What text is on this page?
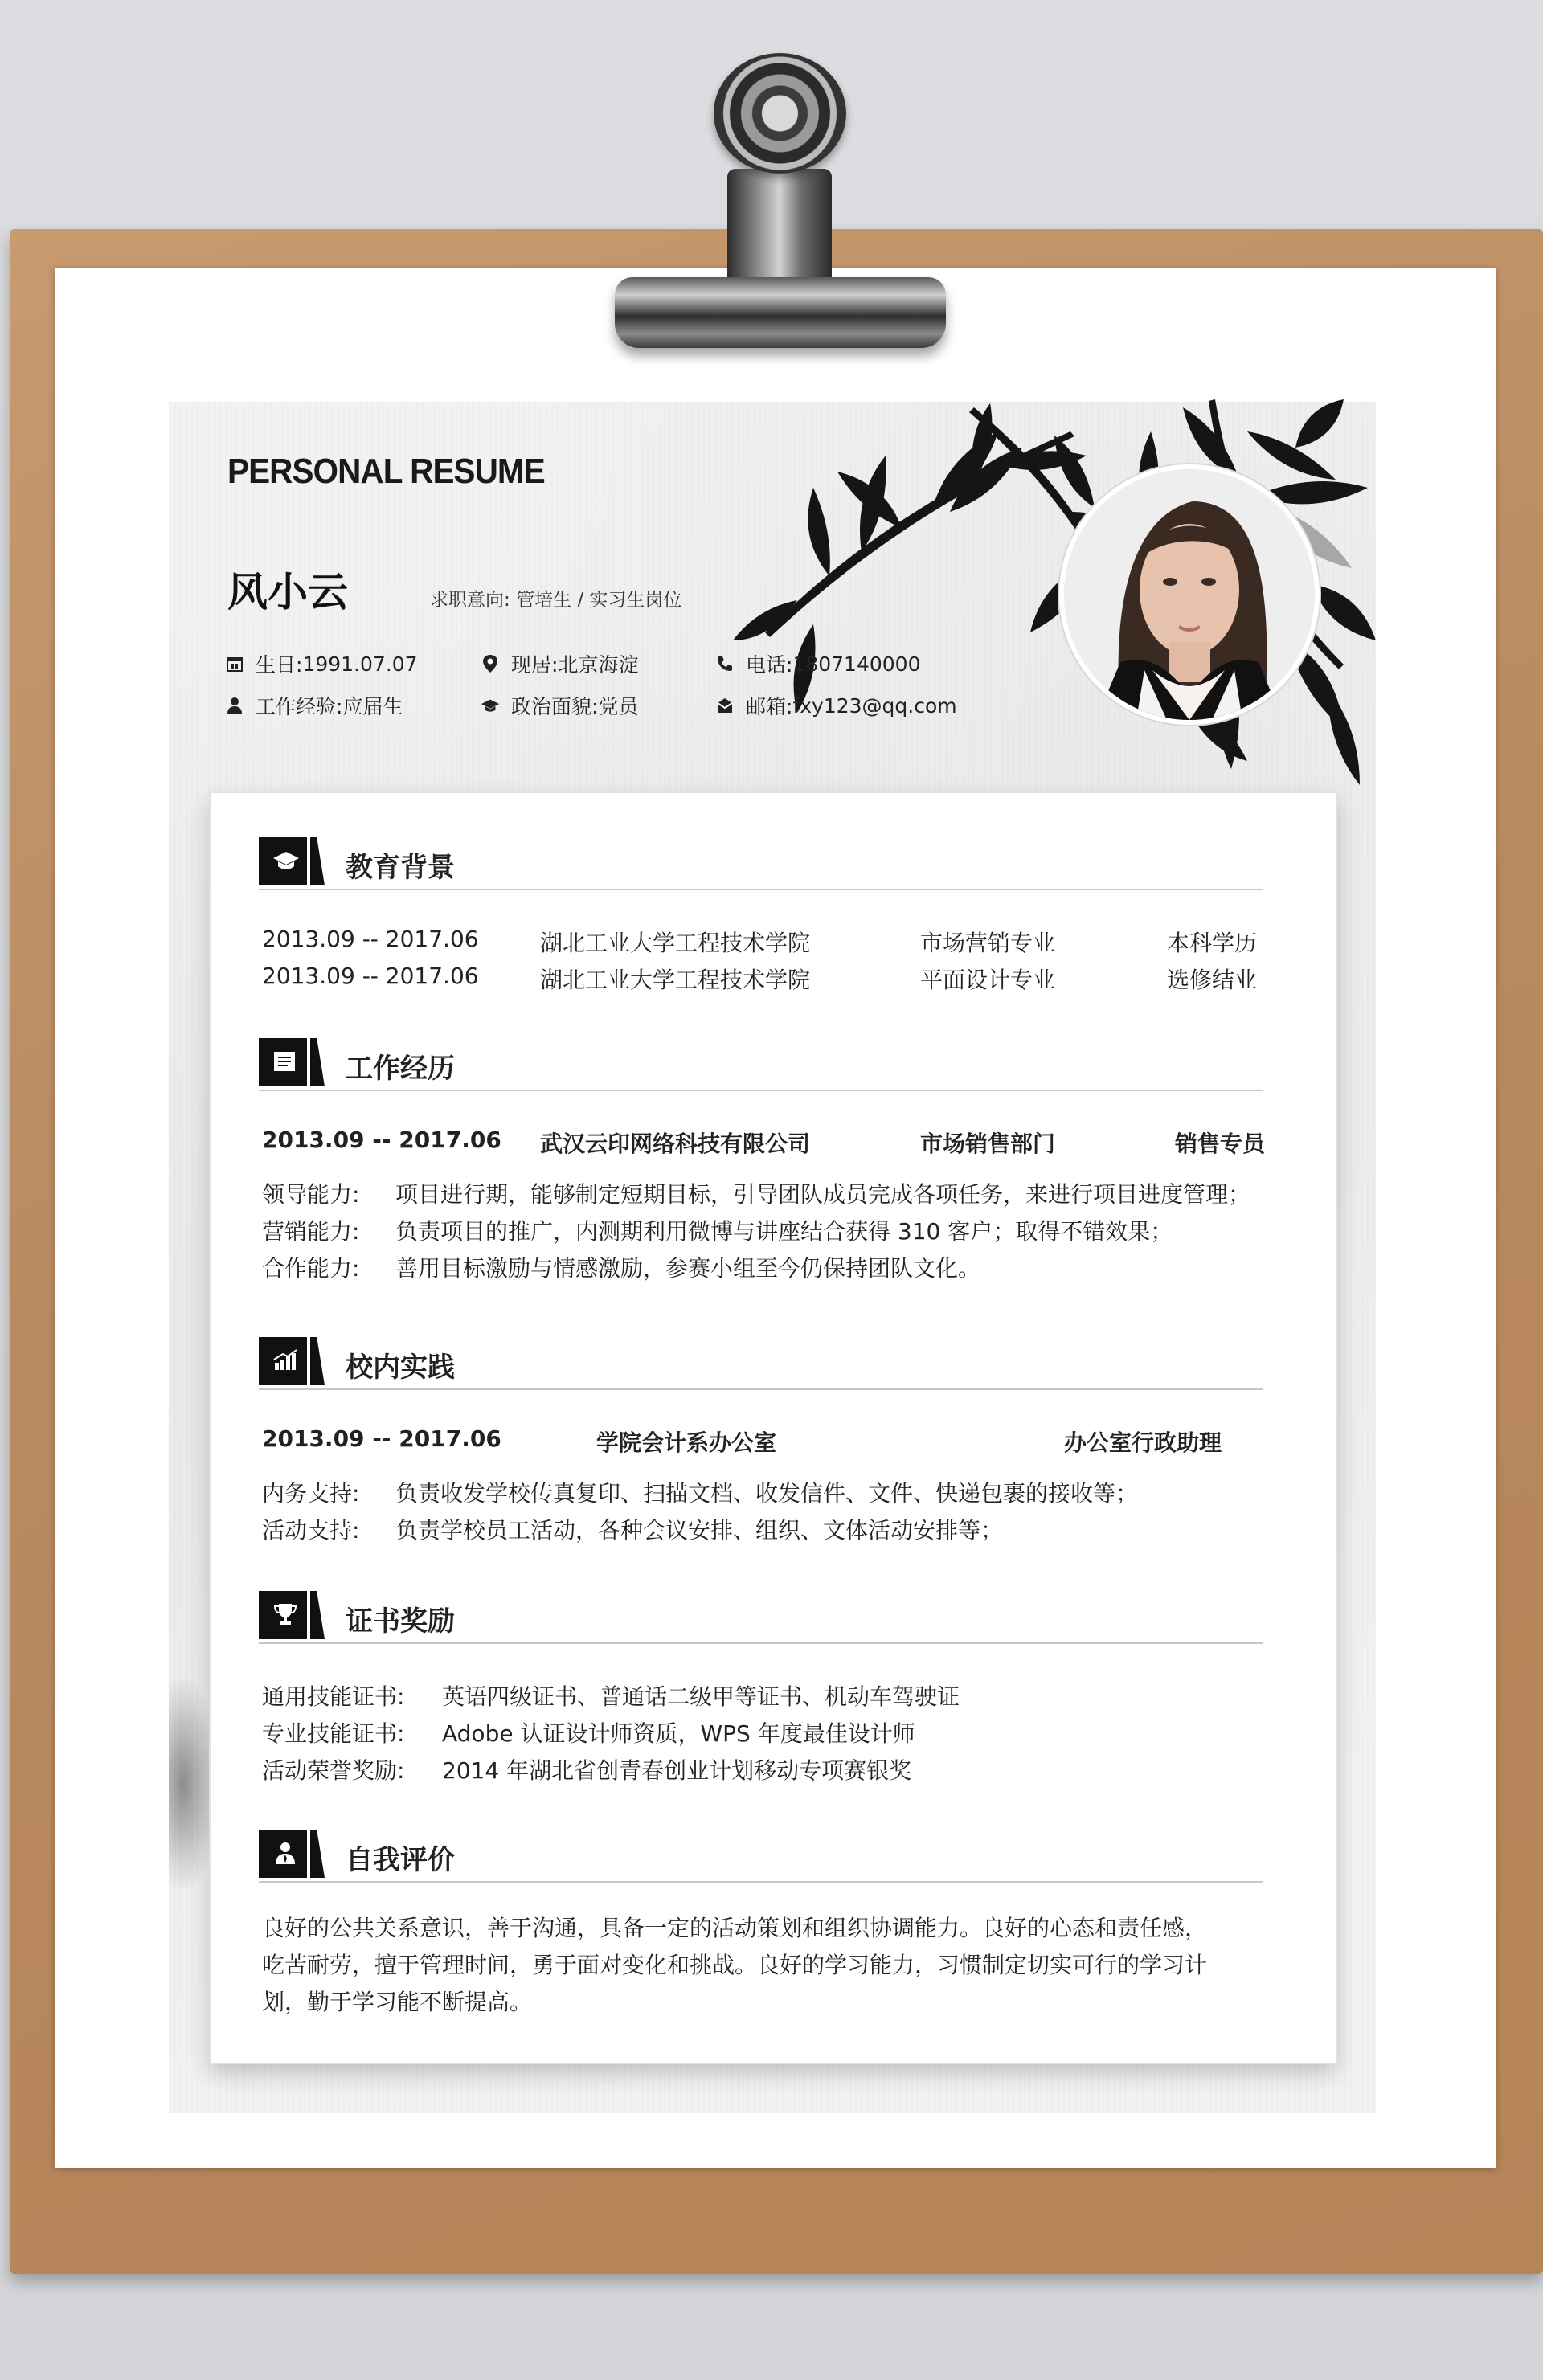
PERSONAL RESUME
风小云	求职意向: 管培生 / 实习生岗位
生日: 1991.07.07	现居: 北京海淀	电话: 1807140000
工作经验: 应届生	政治面貌: 党员	邮箱: fxy123@qq.com
教育背景
2013.09 -- 2017.06	湖北工业大学工程技术学院	市场营销专业	本科学历
2013.09 -- 2017.06	湖北工业大学工程技术学院	平面设计专业	选修结业
工作经历
2013.09 -- 2017.06 武汉云印网络科技有限公司	市场销售部门	销售专员
领导能力: 项目进行期，能够制定短期目标，引导团队成员完成各项任务，来进行项目进度管理；
营销能力: 负责项目的推广，内测期利用微博与讲座结合获得 310 客户；取得不错效果；
合作能力: 善用目标激励与情感激励，参赛小组至今仍保持团队文化。
校内实践
2013.09 -- 2017.06	学院会计系办公室	办公室行政助理
内务支持: 负责收发学校传真复印、扫描文档、收发信件、文件、快递包裹的接收等；
活动支持: 负责学校员工活动，各种会议安排、组织、文体活动安排等；
证书奖励
通用技能证书: 英语四级证书、普通话二级甲等证书、机动车驾驶证
专业技能证书: Adobe 认证设计师资质，WPS 年度最佳设计师
活动荣誉奖励: 2014 年湖北省创青春创业计划移动专项赛银奖
自我评价
良好的公共关系意识，善于沟通，具备一定的活动策划和组织协调能力。良好的心态和责任感，吃苦耐劳，擅于管理时间，勇于面对变化和挑战。良好的学习能力，习惯制定切实可行的学习计划，勤于学习能不断提高。
